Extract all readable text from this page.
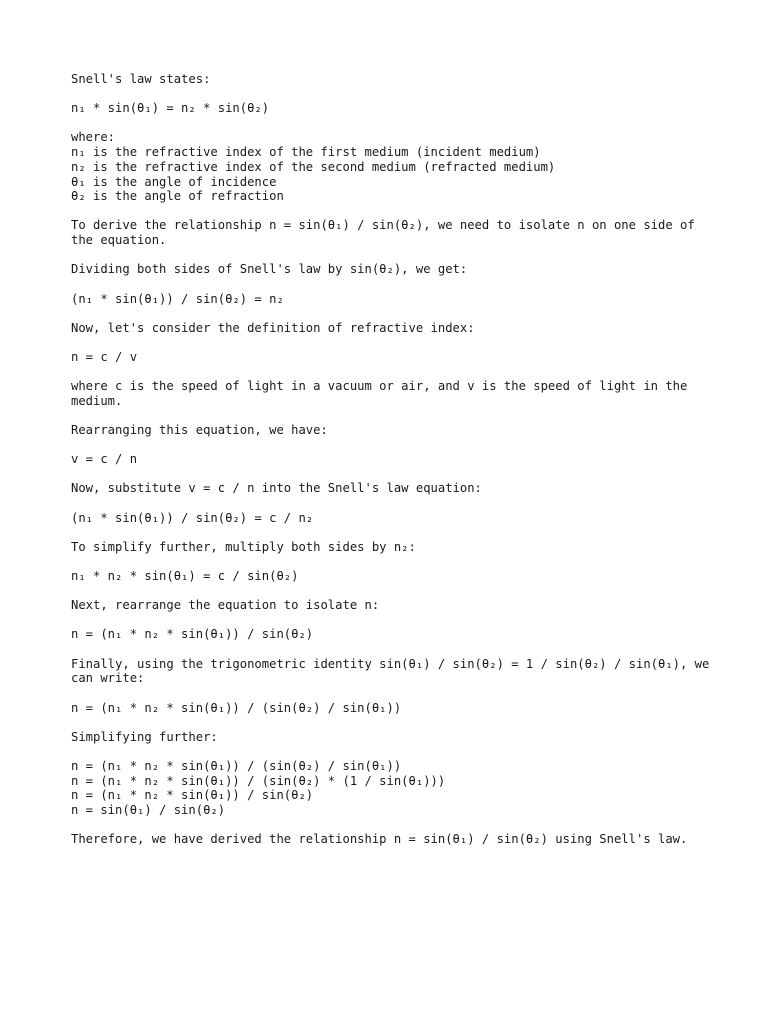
Snell's law states:
n₁ * sin(θ₁) = n₂ * sin(θ₂)
where:
n₁ is the refractive index of the first medium (incident medium)
n₂ is the refractive index of the second medium (refracted medium)
θ₁ is the angle of incidence
θ₂ is the angle of refraction
To derive the relationship n = sin(θ₁) / sin(θ₂), we need to isolate n on one side of the equation.
Dividing both sides of Snell's law by sin(θ₂), we get:
(n₁ * sin(θ₁)) / sin(θ₂) = n₂
Now, let's consider the definition of refractive index:
n = c / v
where c is the speed of light in a vacuum or air, and v is the speed of light in the medium.
Rearranging this equation, we have:
v = c / n
Now, substitute v = c / n into the Snell's law equation:
(n₁ * sin(θ₁)) / sin(θ₂) = c / n₂
To simplify further, multiply both sides by n₂:
n₁ * n₂ * sin(θ₁) = c / sin(θ₂)
Next, rearrange the equation to isolate n:
n = (n₁ * n₂ * sin(θ₁)) / sin(θ₂)
Finally, using the trigonometric identity sin(θ₁) / sin(θ₂) = 1 / sin(θ₂) / sin(θ₁), we can write:
n = (n₁ * n₂ * sin(θ₁)) / (sin(θ₂) / sin(θ₁))
Simplifying further:
n = (n₁ * n₂ * sin(θ₁)) / (sin(θ₂) / sin(θ₁))
n = (n₁ * n₂ * sin(θ₁)) / (sin(θ₂) * (1 / sin(θ₁)))
n = (n₁ * n₂ * sin(θ₁)) / sin(θ₂)
n = sin(θ₁) / sin(θ₂)
Therefore, we have derived the relationship n = sin(θ₁) / sin(θ₂) using Snell's law.
